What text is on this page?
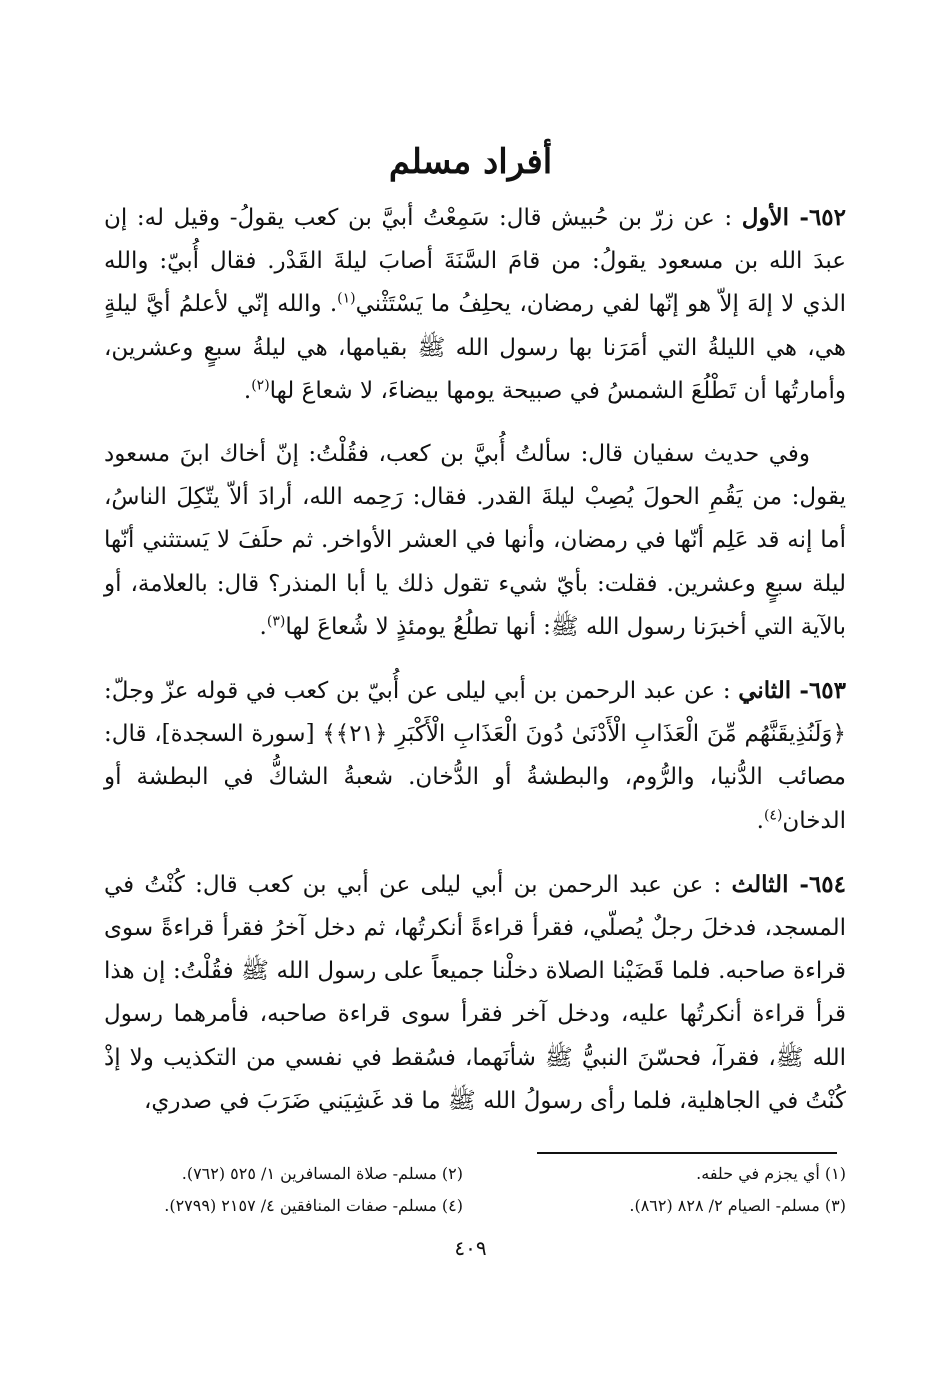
أفراد مسلم

٦٥٢- الأول : عن زرّ بن حُبيش قال: سَمِعْتُ أبيَّ بن كعب يقولُ- وقيل له: إن عبدَ الله بن مسعود يقولُ: من قامَ السَّنَةَ أصابَ ليلةَ القَدْر. فقال أُبيّ: والله الذي لا إلهَ إلاّ هو إنّها لفي رمضان، يحلِفُ ما يَسْتَثْني$^{(١)}$. والله إنّي لأعلمُ أيَّ ليلةٍ هي، هي الليلةُ التي أمَرَنا بها رسول الله ﷺ بقيامها، هي ليلةُ سبعٍ وعشرين، وأمارتُها أن تَطْلُعَ الشمسُ في صبيحة يومها بيضاءَ، لا شعاعَ لها$^{(٢)}$.

وفي حديث سفيان قال: سألتُ أُبيَّ بن كعب، فقُلْتُ: إنّ أخاك ابنَ مسعود يقول: من يَقُمِ الحولَ يُصِبْ ليلةَ القدر. فقال: رَحِمه الله، أرادَ ألاّ يتّكِلَ الناسُ، أما إنه قد عَلِم أنّها في رمضان، وأنها في العشر الأواخر. ثم حلَفَ لا يَستثني أنّها ليلة سبعٍ وعشرين. فقلت: بأيّ شيء تقول ذلك يا أبا المنذر؟ قال: بالعلامة، أو بالآية التي أخبرَنا رسول الله ﷺ: أنها تطلُعُ يومئذٍ لا شُعاعَ لها$^{(٣)}$.

٦٥٣- الثاني : عن عبد الرحمن بن أبي ليلى عن أُبيّ بن كعب في قوله عزّ وجلّ: ﴿وَلَنُذِيقَنَّهُم مِّنَ الْعَذَابِ الْأَدْنَىٰ دُونَ الْعَذَابِ الْأَكْبَرِ ﴿٢١﴾﴾ [سورة السجدة]، قال: مصائب الدُّنيا، والرُّوم، والبطشةُ أو الدُّخان. شعبةُ الشاكُّ في البطشة أو الدخان$^{(٤)}$.

٦٥٤- الثالث : عن عبد الرحمن بن أبي ليلى عن أبي بن كعب قال: كُنْتُ في المسجد، فدخلَ رجلٌ يُصلّي، فقرأ قراءةً أنكرتُها، ثم دخل آخرُ فقرأ قراءةً سوى قراءة صاحبه. فلما قَضَيْنا الصلاة دخلْنا جميعاً على رسول الله ﷺ فقُلْتُ: إن هذا قرأ قراءة أنكرتُها عليه، ودخل آخر فقرأ سوى قراءة صاحبه، فأمرهما رسول الله ﷺ، فقرآ، فحسّنَ النبيُّ ﷺ شأنَهما، فسُقط في نفسي من التكذيب ولا إذْ كُنْتُ في الجاهلية، فلما رأى رسولُ الله ﷺ ما قد غَشِيَني ضَرَبَ في صدري،

(١) أي يجزم في حلفه.
(٢) مسلم- صلاة المسافرين ١/ ٥٢٥ (٧٦٢).
(٣) مسلم- الصيام ٢/ ٨٢٨ (٨٦٢).
(٤) مسلم- صفات المنافقين ٤/ ٢١٥٧ (٢٧٩٩).
٤٠٩
